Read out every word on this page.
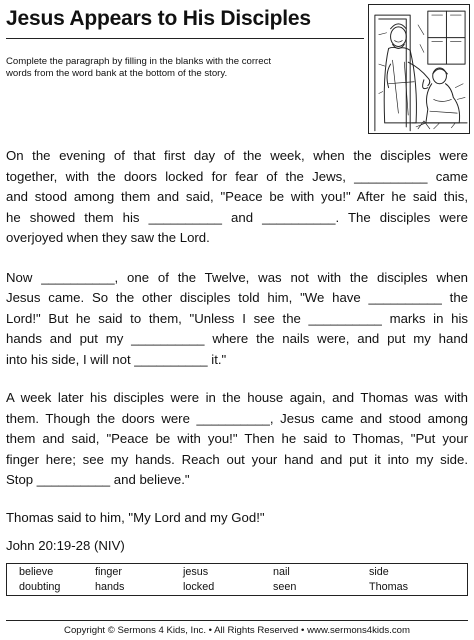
Jesus Appears to His Disciples
Complete the paragraph by filling in the blanks with the correct
words from the word bank at the bottom of the story.

On the evening of that first day of the week, when the disciples were
together, with the doors locked for fear of the Jews, __________ came
and stood among them and said, "Peace be with you!" After he said this,
he showed them his __________ and __________. The disciples were
overjoyed when they saw the Lord.

Now __________, one of the Twelve, was not with the disciples when
Jesus came. So the other disciples told him, "We have __________ the
Lord!" But he said to them, "Unless I see the __________ marks in his
hands and put my __________ where the nails were, and put my hand
into his side, I will not __________ it."

A week later his disciples were in the house again, and Thomas was with
them. Though the doors were __________, Jesus came and stood among
them and said, "Peace be with you!" Then he said to Thomas, "Put your
finger here; see my hands. Reach out your hand and put it into my side.
Stop __________ and believe."

Thomas said to him, "My Lord and my God!"

John 20:19-28 (NIV)
believe	finger	jesus	nail	side
doubting	hands	locked	seen	Thomas
Copyright © Sermons 4 Kids, Inc. • All Rights Reserved • www.sermons4kids.com
